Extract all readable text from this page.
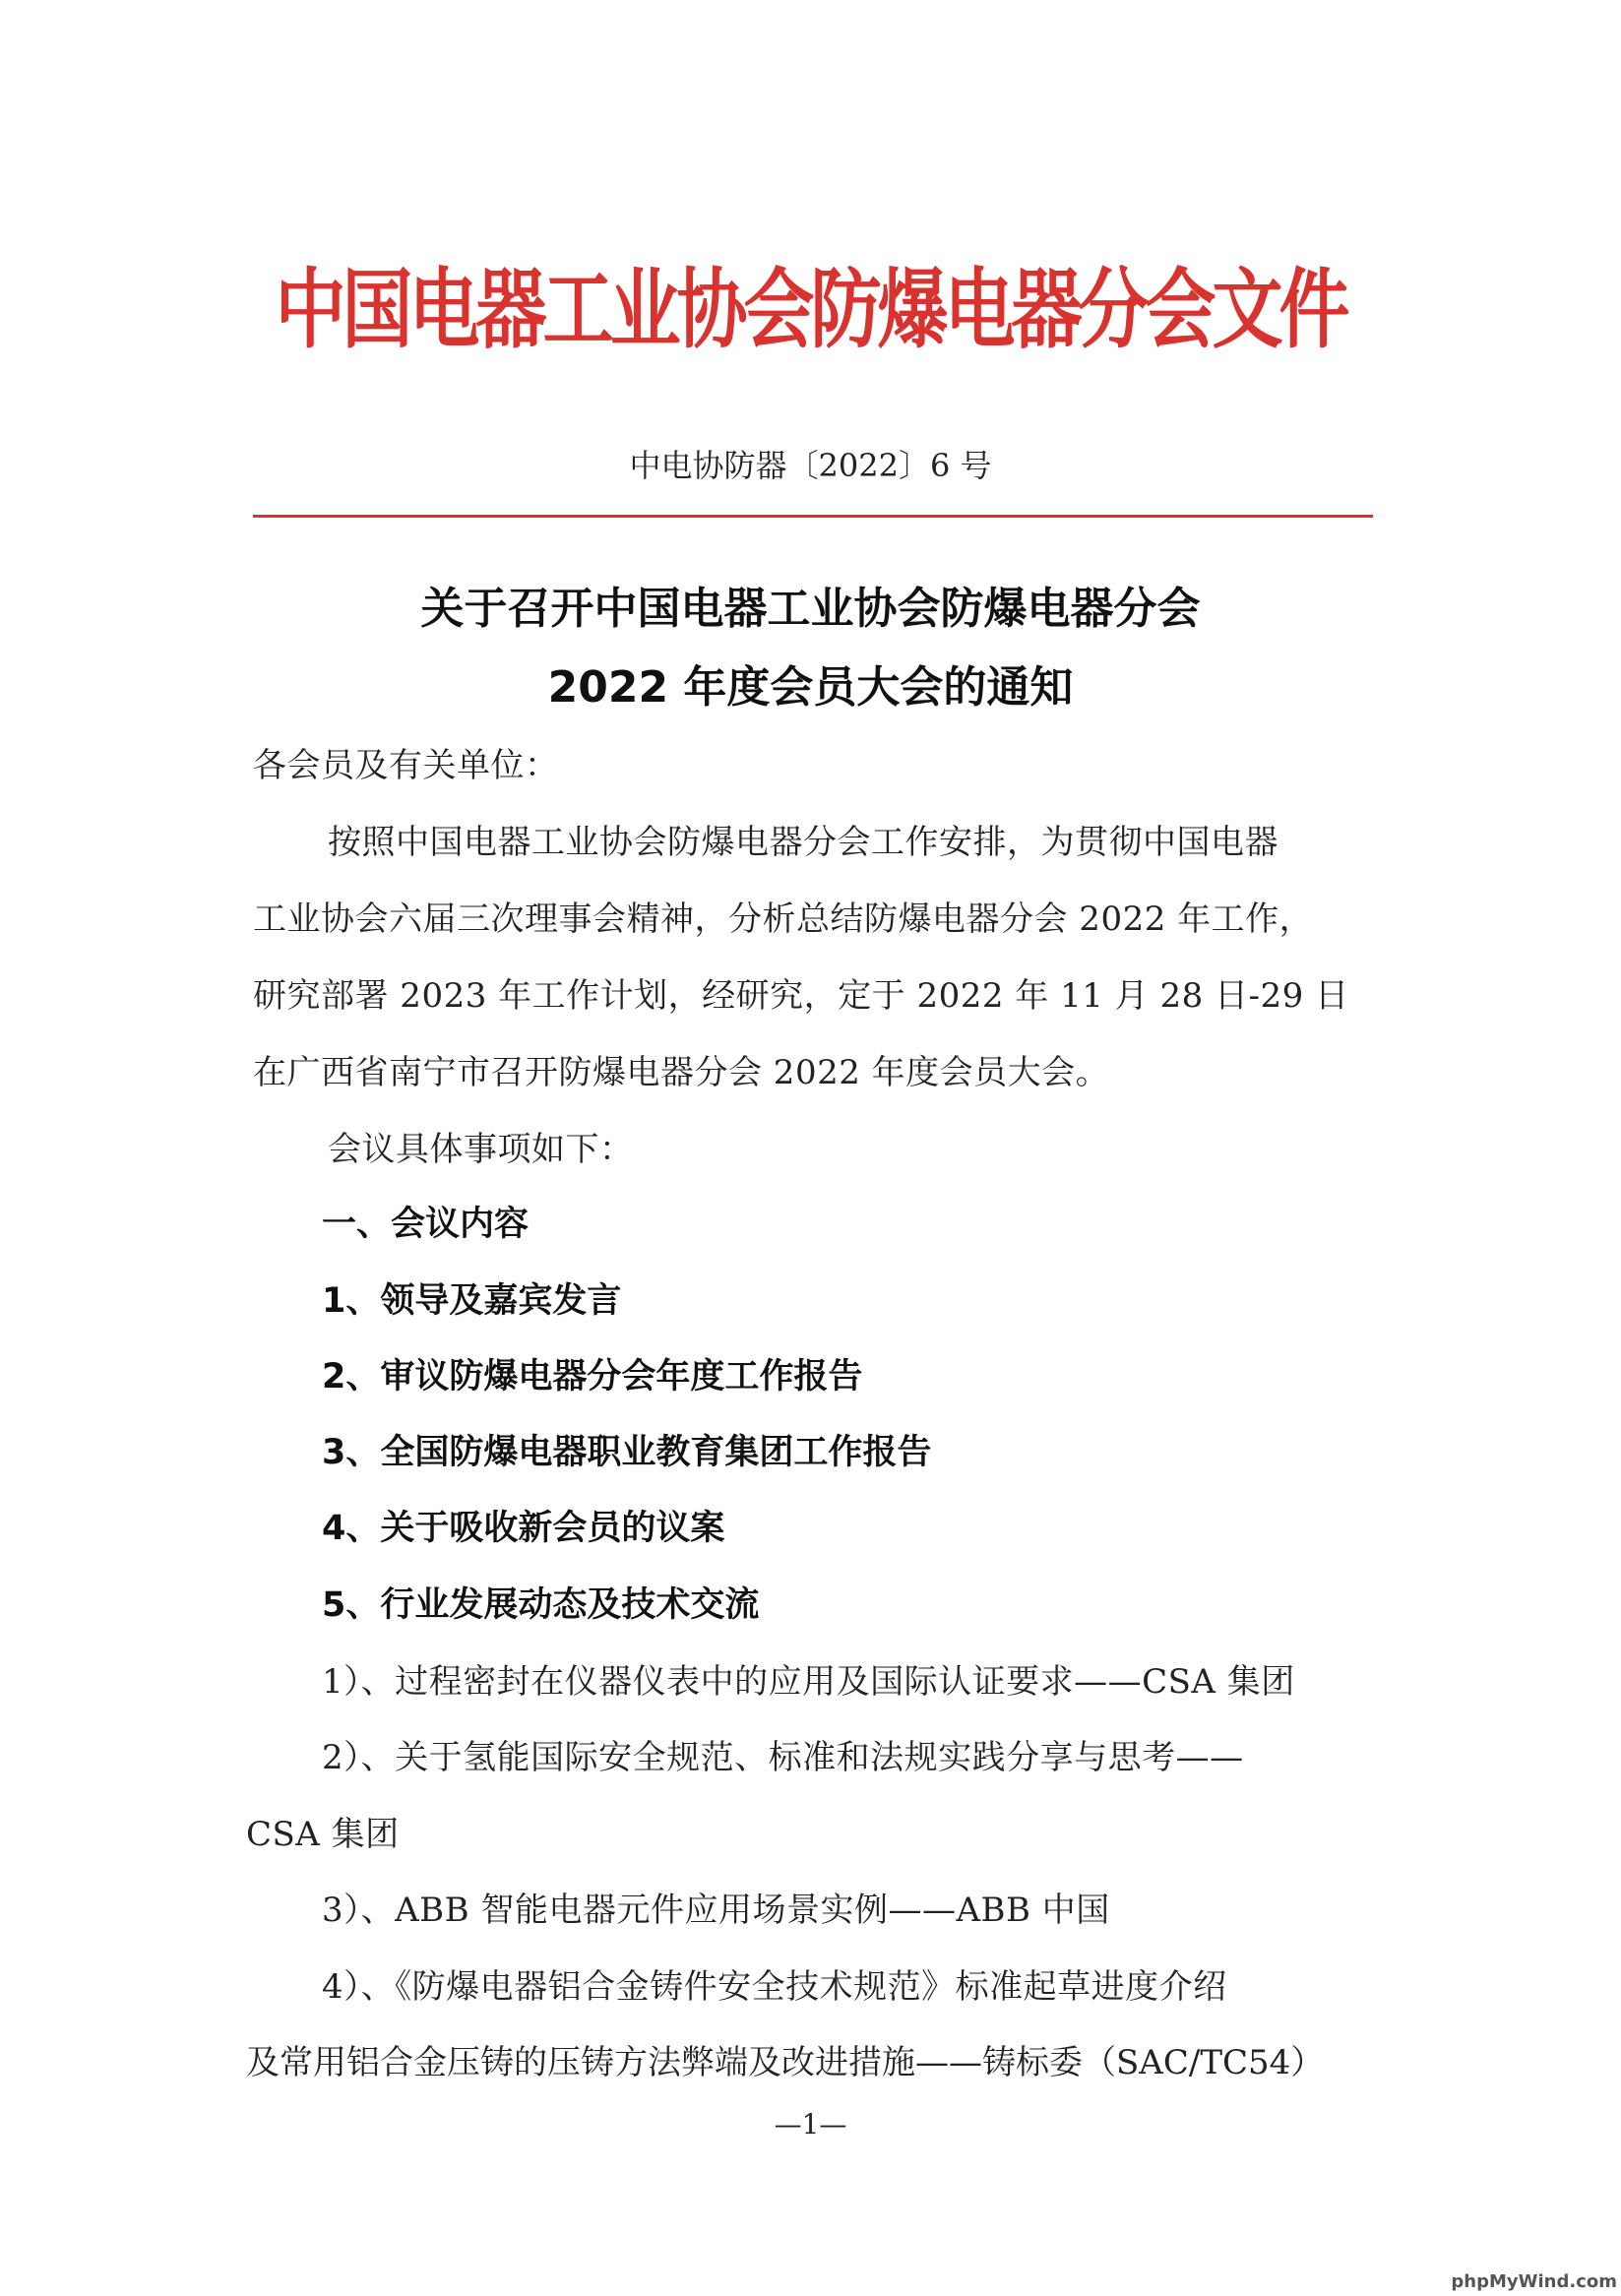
中国电器工业协会防爆电器分会文件
中电协防器〔2022〕6 号
关于召开中国电器工业协会防爆电器分会
2022 年度会员大会的通知
各会员及有关单位：
按照中国电器工业协会防爆电器分会工作安排，为贯彻中国电器
工业协会六届三次理事会精神，分析总结防爆电器分会 2022 年工作，
研究部署 2023 年工作计划，经研究，定于 2022 年 11 月 28 日-29 日
在广西省南宁市召开防爆电器分会 2022 年度会员大会。
会议具体事项如下：
一、会议内容
1、领导及嘉宾发言
2、审议防爆电器分会年度工作报告
3、全国防爆电器职业教育集团工作报告
4、关于吸收新会员的议案
5、行业发展动态及技术交流
1）、过程密封在仪器仪表中的应用及国际认证要求——CSA 集团
2）、关于氢能国际安全规范、标准和法规实践分享与思考——
CSA 集团
3）、ABB 智能电器元件应用场景实例——ABB 中国
4）、《防爆电器铝合金铸件安全技术规范》标准起草进度介绍
及常用铝合金压铸的压铸方法弊端及改进措施——铸标委（SAC/TC54）
—1—
phpMyWind.com
